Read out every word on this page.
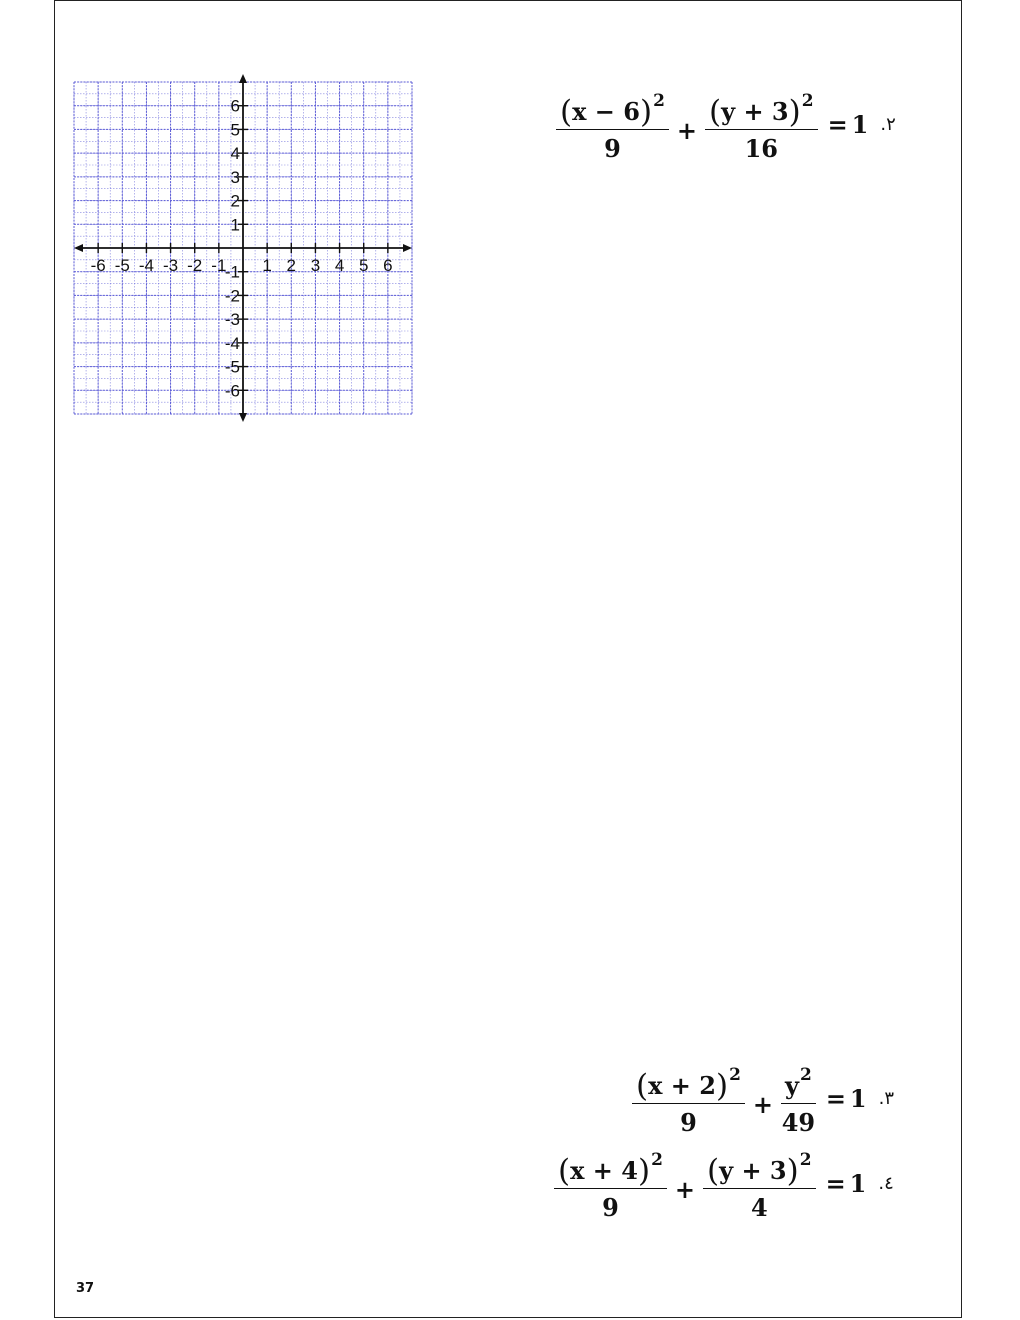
-6 -5 -4 -3 -2 -1 1 2 3 4 5 6
6
5
4
3
2
1
-1
-2
-3
-4
-5
-6
$\frac{(x - 6)^2}{9} + \frac{(y + 3)^2}{16} = 1$ .٢
$\frac{(x + 2)^2}{9} + \frac{y^2}{49} = 1$ .٣
$\frac{(x + 4)^2}{9} + \frac{(y + 3)^2}{4} = 1$ .٤
37
